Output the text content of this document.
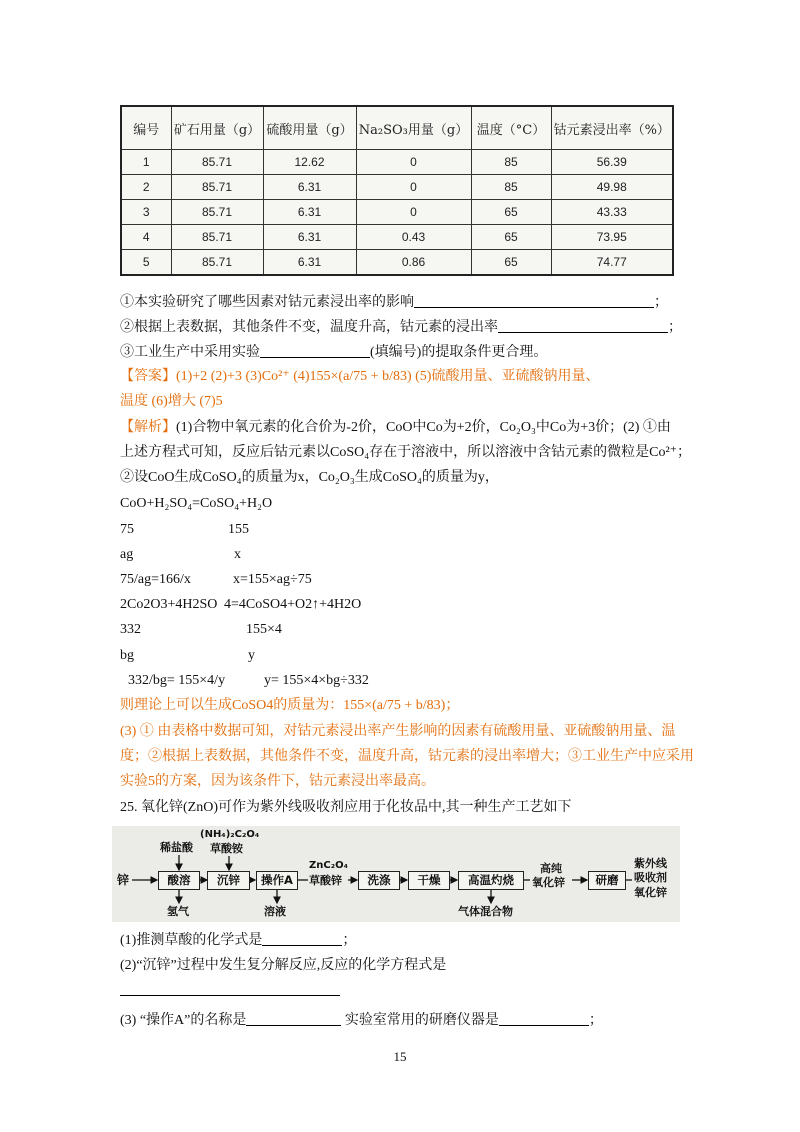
编号	矿石用量（g）	硫酸用量（g）	Na₂SO₃用量（g）	温度（°C）	钴元素浸出率（%）
1	85.71	12.62	0	85	56.39
2	85.71	6.31	0	85	49.98
3	85.71	6.31	0	65	43.33
4	85.71	6.31	0.43	65	73.95
5	85.71	6.31	0.86	65	74.77
①本实验研究了哪些因素对钴元素浸出率的影响	；
②根据上表数据，其他条件不变，温度升高，钴元素的浸出率	；
③工业生产中采用实验	(填编号)的提取条件更合理。
【答案】(1)+2 (2)+3 (3)Co²⁺ (4)155×(a/75 + b/83) (5)硫酸用量、亚硫酸钠用量、
温度 (6)增大 (7)5
【解析】(1)合物中氧元素的化合价为-2价，CoO中Co为+2价，Co₂O₃中Co为+3价；(2) ①由
上述方程式可知，反应后钴元素以CoSO₄存在于溶液中，所以溶液中含钴元素的微粒是Co²⁺；
②设CoO生成CoSO₄的质量为x，Co₂O₃生成CoSO₄的质量为y，
CoO+H₂SO₄=CoSO₄+H₂O
75	155
ag	x
75/ag=166/x	x=155×ag÷75
2Co2O3+4H2SO 4=4CoSO4+O2↑+4H2O
332	155×4
bg	y
332/bg= 155×4/y	y= 155×4×bg÷332
则理论上可以生成CoSO4的质量为：155×(a/75 + b/83)；
(3) ① 由表格中数据可知，对钴元素浸出率产生影响的因素有硫酸用量、亚硫酸钠用量、温
度；②根据上表数据，其他条件不变，温度升高，钴元素的浸出率增大；③工业生产中应采用
实验5的方案，因为该条件下，钴元素浸出率最高。
25. 氧化锌(ZnO)可作为紫外线吸收剂应用于化妆品中,其一种生产工艺如下
锌	酸溶	沉锌	操作A	洗涤	干燥	高温灼烧	研磨
稀盐酸
(NH₄)₂C₂O₄
草酸铵
氢气	溶液
ZnC₂O₄
草酸锌
气体混合物
高纯
氧化锌
紫外线
吸收剂
氧化锌
(1)推测草酸的化学式是	；
(2)“沉锌”过程中发生复分解反应,反应的化学方程式是
(3) “操作A”的名称是	实验室常用的研磨仪器是	；
15
